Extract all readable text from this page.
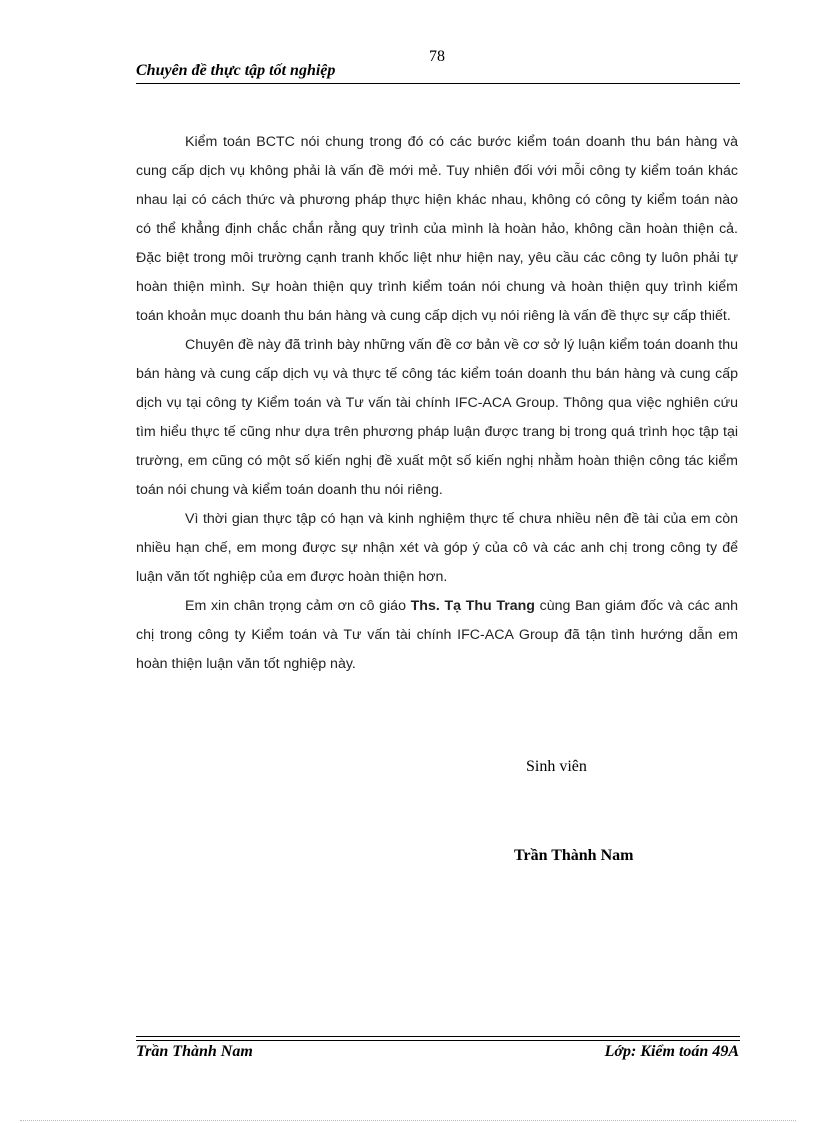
78
Chuyên đề thực tập tốt nghiệp

Kiểm toán BCTC nói chung trong đó có các bước kiểm toán doanh thu bán hàng và cung cấp dịch vụ không phải là vấn đề mới mẻ. Tuy nhiên đối với mỗi công ty kiểm toán khác nhau lại có cách thức và phương pháp thực hiện khác nhau, không có công ty kiểm toán nào có thể khẳng định chắc chắn rằng quy trình của mình là hoàn hảo, không cần hoàn thiện cả. Đặc biệt trong môi trường cạnh tranh khốc liệt như hiện nay, yêu cầu các công ty luôn phải tự hoàn thiện mình. Sự hoàn thiện quy trình kiểm toán nói chung và hoàn thiện quy trình kiểm toán khoản mục doanh thu bán hàng và cung cấp dịch vụ nói riêng là vấn đề thực sự cấp thiết.

Chuyên đề này đã trình bày những vấn đề cơ bản về cơ sở lý luận kiểm toán doanh thu bán hàng và cung cấp dịch vụ và thực tế công tác kiểm toán doanh thu bán hàng và cung cấp dịch vụ tại công ty Kiểm toán và Tư vấn tài chính IFC-ACA Group. Thông qua việc nghiên cứu tìm hiểu thực tế cũng như dựa trên phương pháp luận được trang bị trong quá trình học tập tại trường, em cũng có một số kiến nghị đề xuất một số kiến nghị nhằm hoàn thiện công tác kiểm toán nói chung và kiểm toán doanh thu nói riêng.

Vì thời gian thực tập có hạn và kinh nghiệm thực tế chưa nhiều nên đề tài của em còn nhiều hạn chế, em mong được sự nhận xét và góp ý của cô và các anh chị trong công ty để luận văn tốt nghiệp của em được hoàn thiện hơn.

Em xin chân trọng cảm ơn cô giáo Ths. Tạ Thu Trang cùng Ban giám đốc và các anh chị trong công ty Kiểm toán và Tư vấn tài chính IFC-ACA Group đã tận tình hướng dẫn em hoàn thiện luận văn tốt nghiệp này.

Sinh viên
Trần Thành Nam
Trần Thành Nam	Lớp: Kiểm toán 49A
